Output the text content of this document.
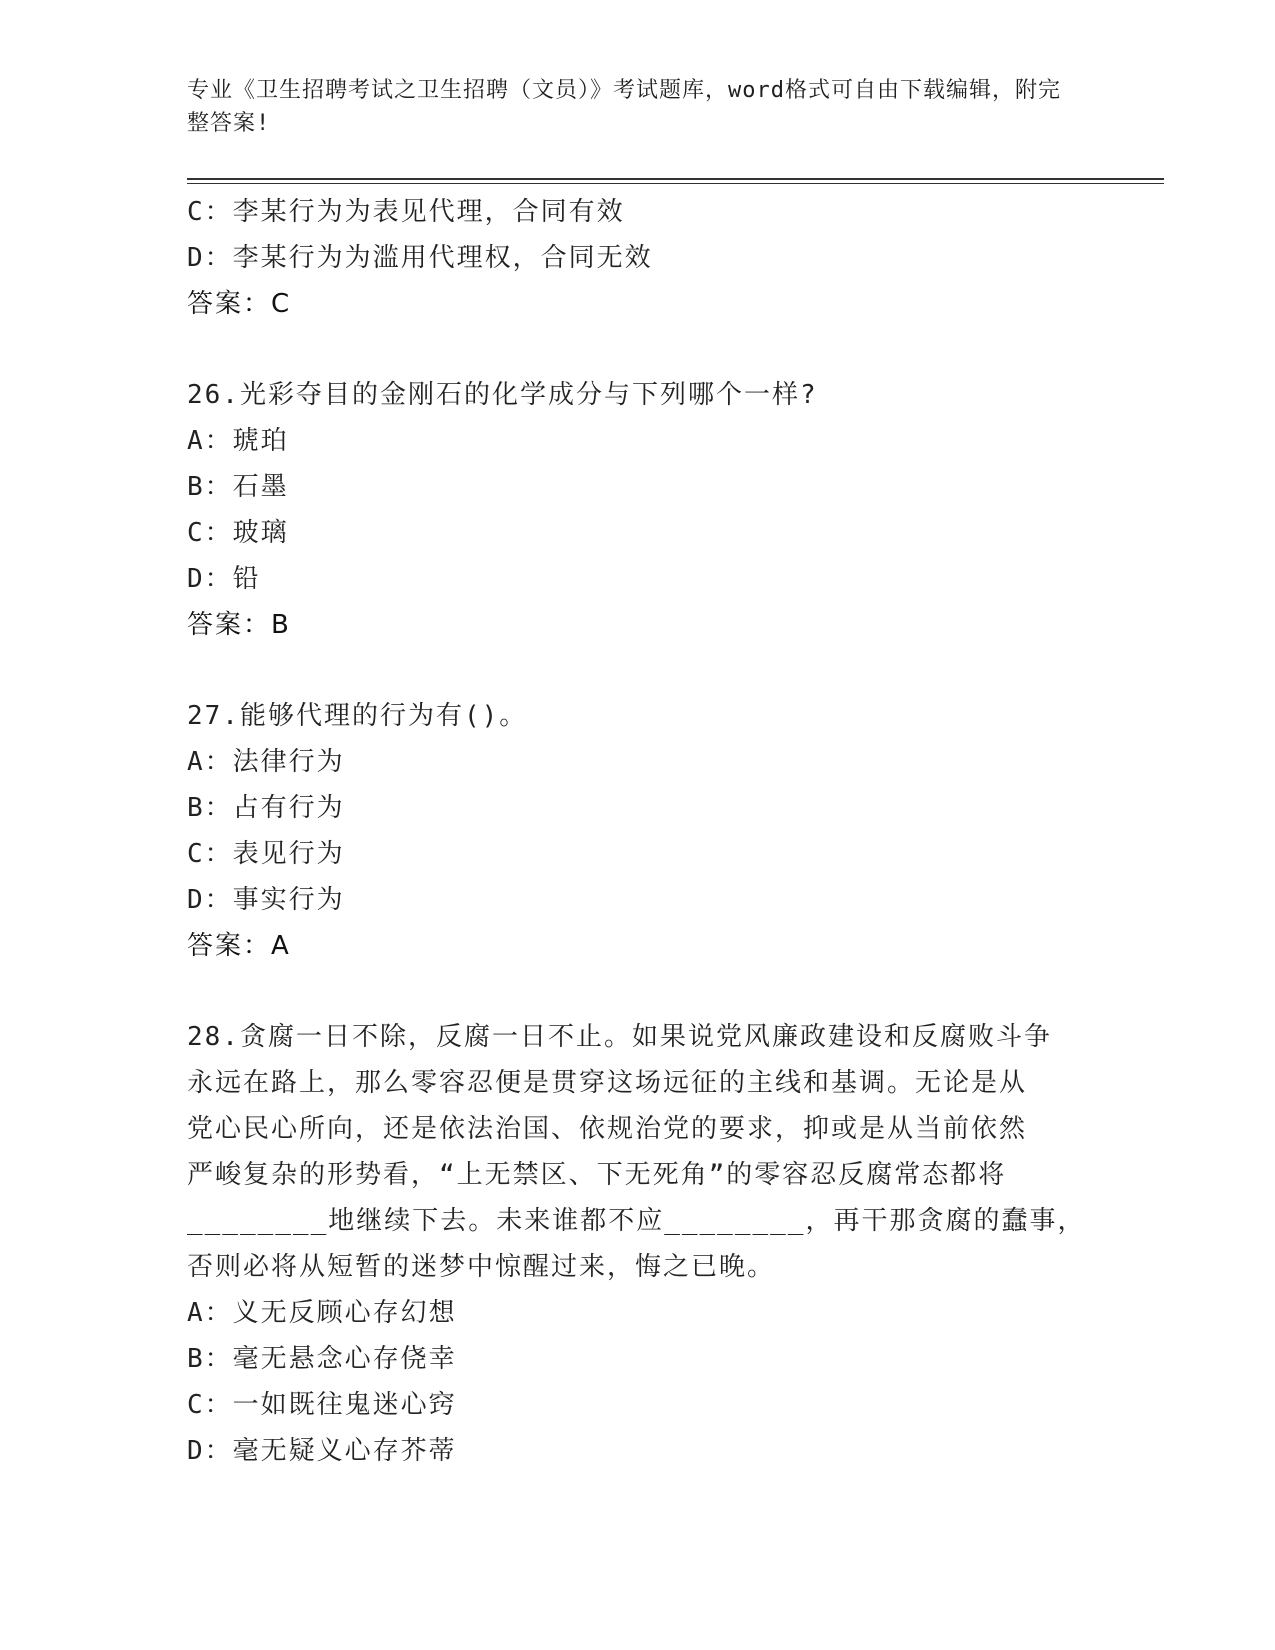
专业《卫生招聘考试之卫生招聘（文员）》考试题库，word格式可自由下载编辑，附完整答案!
C：李某行为为表见代理，合同有效
D：李某行为为滥用代理权，合同无效
答案：C
26.光彩夺目的金刚石的化学成分与下列哪个一样?
A：琥珀
B：石墨
C：玻璃
D：铅
答案：B
27.能够代理的行为有()。
A：法律行为
B：占有行为
C：表见行为
D：事实行为
答案：A
28.贪腐一日不除，反腐一日不止。如果说党风廉政建设和反腐败斗争
永远在路上，那么零容忍便是贯穿这场远征的主线和基调。无论是从
党心民心所向，还是依法治国、依规治党的要求，抑或是从当前依然
严峻复杂的形势看，“上无禁区、下无死角”的零容忍反腐常态都将
________地继续下去。未来谁都不应________，再干那贪腐的蠢事，
否则必将从短暂的迷梦中惊醒过来，悔之已晚。
A：义无反顾心存幻想
B：毫无悬念心存侥幸
C：一如既往鬼迷心窍
D：毫无疑义心存芥蒂
